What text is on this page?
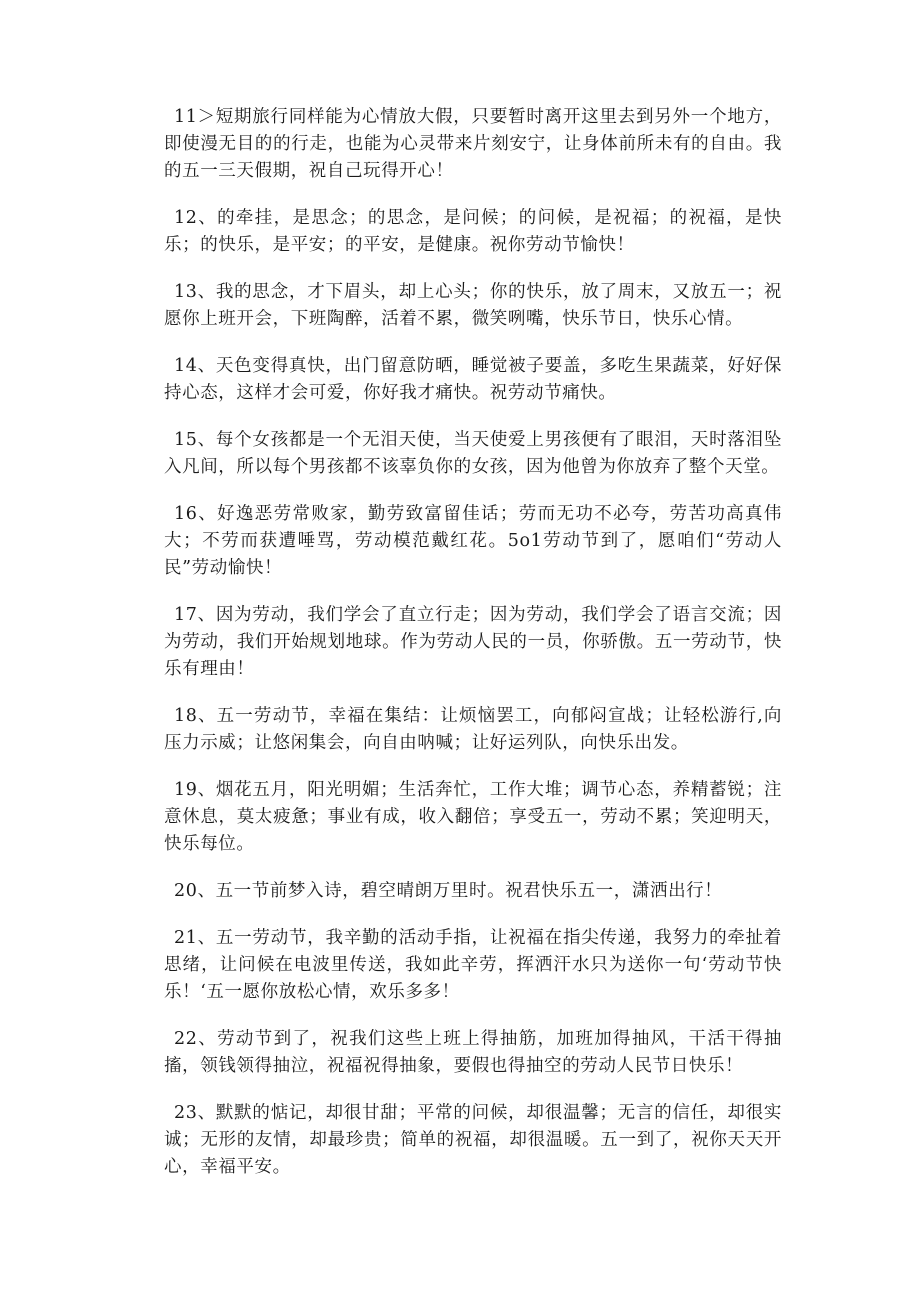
11＞短期旅行同样能为心情放大假，只要暂时离开这里去到另外一个地方，即使漫无目的的行走，也能为心灵带来片刻安宁，让身体前所未有的自由。我的五一三天假期，祝自己玩得开心！

12、的牵挂，是思念；的思念，是问候；的问候，是祝福；的祝福，是快乐；的快乐，是平安；的平安，是健康。祝你劳动节愉快！

13、我的思念，才下眉头，却上心头；你的快乐，放了周末，又放五一；祝愿你上班开会，下班陶醉，活着不累，微笑咧嘴，快乐节日，快乐心情。

14、天色变得真快，出门留意防晒，睡觉被子要盖，多吃生果蔬菜，好好保持心态，这样才会可爱，你好我才痛快。祝劳动节痛快。

15、每个女孩都是一个无泪天使，当天使爱上男孩便有了眼泪，天时落泪坠入凡间，所以每个男孩都不该辜负你的女孩，因为他曾为你放弃了整个天堂。

16、好逸恶劳常败家，勤劳致富留佳话；劳而无功不必夸，劳苦功高真伟大；不劳而获遭唾骂，劳动模范戴红花。5o1劳动节到了，愿咱们“劳动人民”劳动愉快！

17、因为劳动，我们学会了直立行走；因为劳动，我们学会了语言交流；因为劳动，我们开始规划地球。作为劳动人民的一员，你骄傲。五一劳动节，快乐有理由！

18、五一劳动节，幸福在集结：让烦恼罢工，向郁闷宣战；让轻松游行,向压力示威；让悠闲集会，向自由呐喊；让好运列队，向快乐出发。

19、烟花五月，阳光明媚；生活奔忙，工作大堆；调节心态，养精蓄锐；注意休息，莫太疲惫；事业有成，收入翻倍；享受五一，劳动不累；笑迎明天，快乐每位。

20、五一节前梦入诗，碧空晴朗万里时。祝君快乐五一，潇洒出行！

21、五一劳动节，我辛勤的活动手指，让祝福在指尖传递，我努力的牵扯着思绪，让问候在电波里传送，我如此辛劳，挥洒汗水只为送你一句‘劳动节快乐！‘五一愿你放松心情，欢乐多多！

22、劳动节到了，祝我们这些上班上得抽筋，加班加得抽风，干活干得抽搐，领钱领得抽泣，祝福祝得抽象，要假也得抽空的劳动人民节日快乐！

23、默默的惦记，却很甘甜；平常的问候，却很温馨；无言的信任，却很实诚；无形的友情，却最珍贵；简单的祝福，却很温暖。五一到了，祝你天天开心，幸福平安。
